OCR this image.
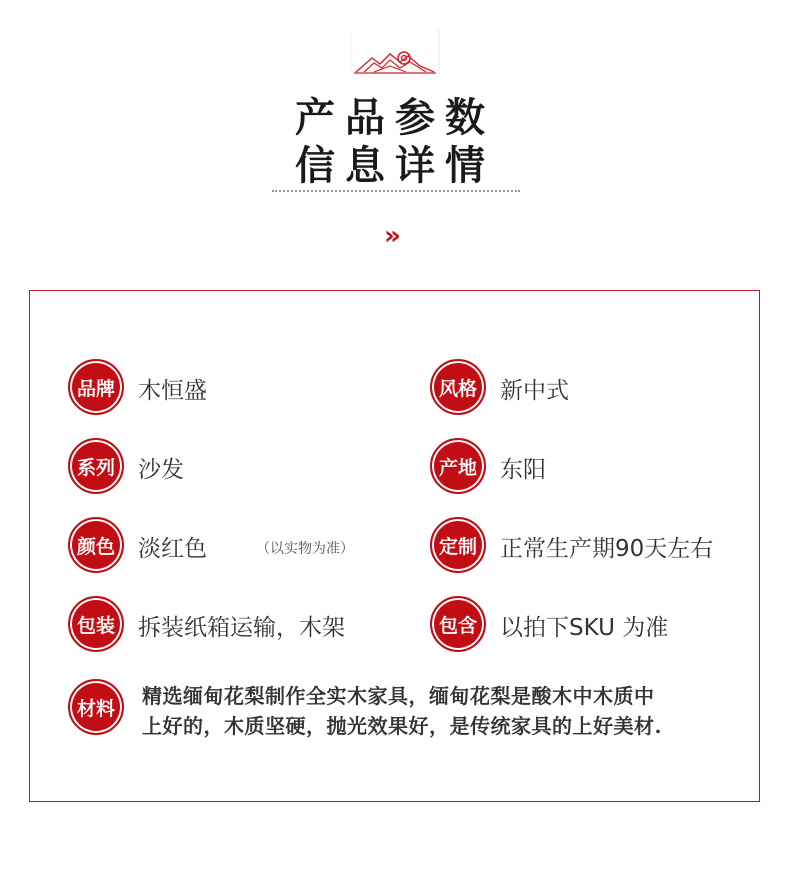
产品参数
信息详情
»
品牌 木恒盛	风格 新中式
系列 沙发	产地 东阳
颜色 淡红色	（以实物为准）	定制 正常生产期90天左右
包装 拆装纸箱运输，木架	包含 以拍下SKU 为准
材料
精选缅甸花梨制作全实木家具，缅甸花梨是酸木中木质中
上好的，木质坚硬，抛光效果好，是传统家具的上好美材.
